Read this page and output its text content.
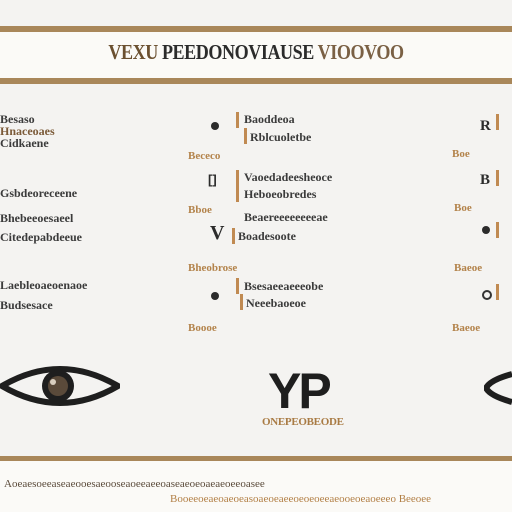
VEXU PEEDONOVIAUSE VIOOVOO
Besaso
Hnaceoaes
Cidkaene
Gsbdeoreceene
Bhebeeoesaeel
Citedepabdeeue
Laebleoaeoenaoe
Budsesace
Baoddeoa
Rblcuoletbe
Bececo
[] Vaoedadeesheoce
Heboeobredes
Bboe	Beaereeeeeeeeae
V Boadesoote
Bheobrose
Bsesaeeaeeeobe
Neeebaoeoe
Boooe
R
Boe
B
Boe
Baeoe
Baeoe
YP
ONEPEOBEODE
Aoeaesoeeaseaeooesaeooseaoeeaeeoaseaeoeoaeaeoeeoasee
Booeeoeaeoaeoeasoaeoeaeeoeoeoeeaeooeoeaoeeeo Beeoee
